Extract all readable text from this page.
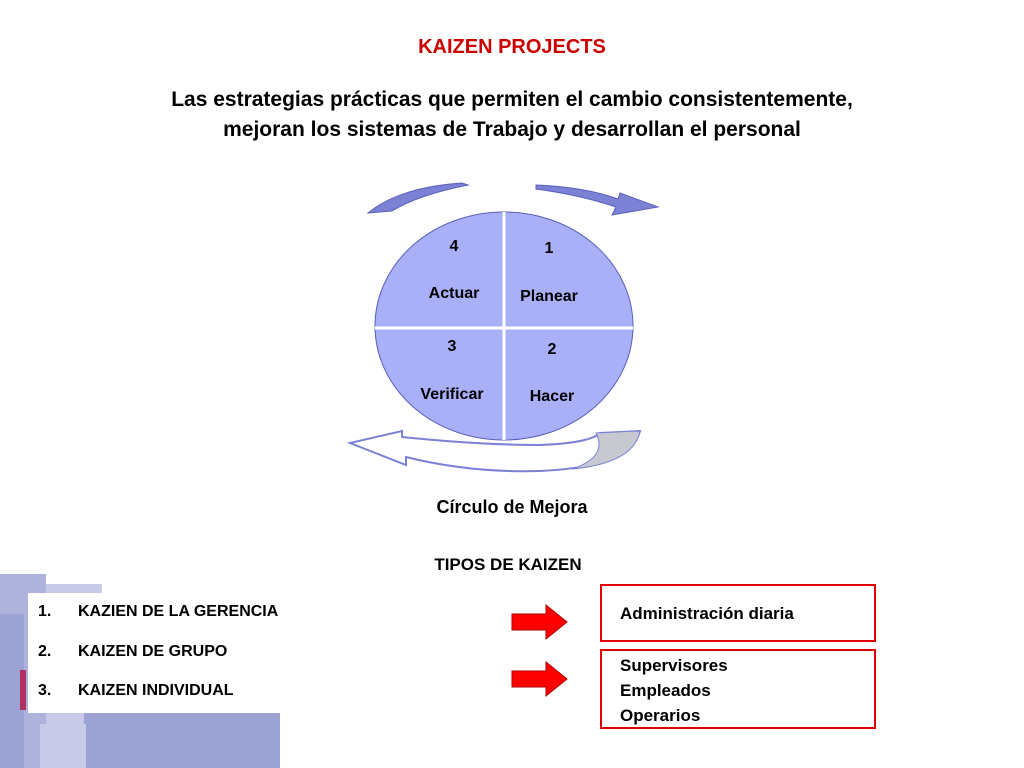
KAIZEN PROJECTS
Las estrategias prácticas que permiten el cambio consistentemente,
mejoran los sistemas de Trabajo y desarrollan el personal
4
Actuar
1
Planear
3
Verificar
2
Hacer
Círculo de Mejora
TIPOS DE KAIZEN
1. KAZIEN DE LA GERENCIA
2. KAIZEN DE GRUPO
3. KAIZEN INDIVIDUAL
Administración diaria
Supervisores
Empleados
Operarios
